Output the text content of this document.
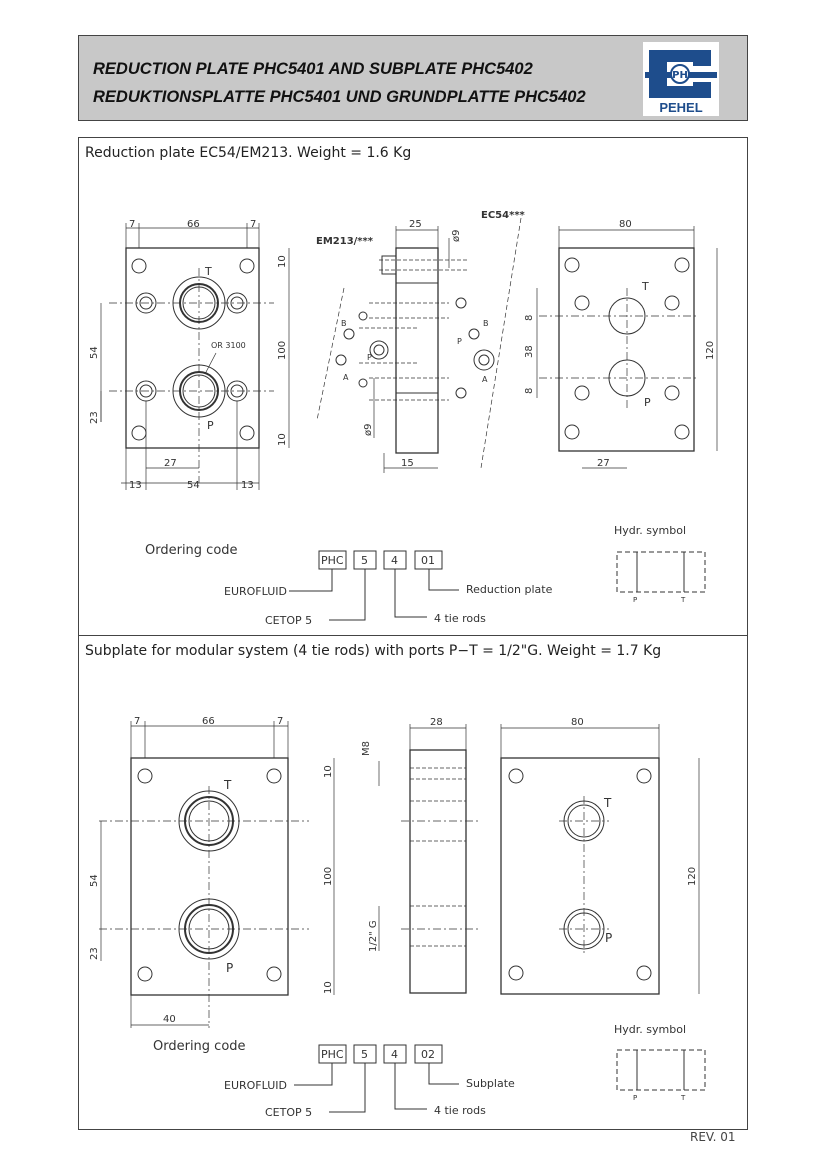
REDUCTION PLATE PHC5401 AND SUBPLATE PHC5402
REDUKTIONSPLATTE PHC5401 UND GRUNDPLATTE PHC5402
PH
PEHEL
Reduction plate EC54/EM213. Weight = 1.6 Kg
7	66	7
54
23
100
10
10
27
13	54	13
T
P
OR 3100
25
15
ø9
ø9
EM213/***
EC54***
B
A
P
P
B
A
80
120
8
38
8
27
T
P
Ordering code
PHC 5 4 01
EUROFLUID
CETOP 5	4 tie rods
Reduction plate
Hydr. symbol
P	T
Subplate for modular system (4 tie rods) with ports P−T = 1/2"G. Weight = 1.7 Kg
7	66	7
54
23
100
10
10
40
T
P
28
M8
1/2" G
80
120
T
P
Ordering code
PHC 5 4 02
EUROFLUID
CETOP 5	4 tie rods
Subplate
Hydr. symbol
P	T
REV. 01
